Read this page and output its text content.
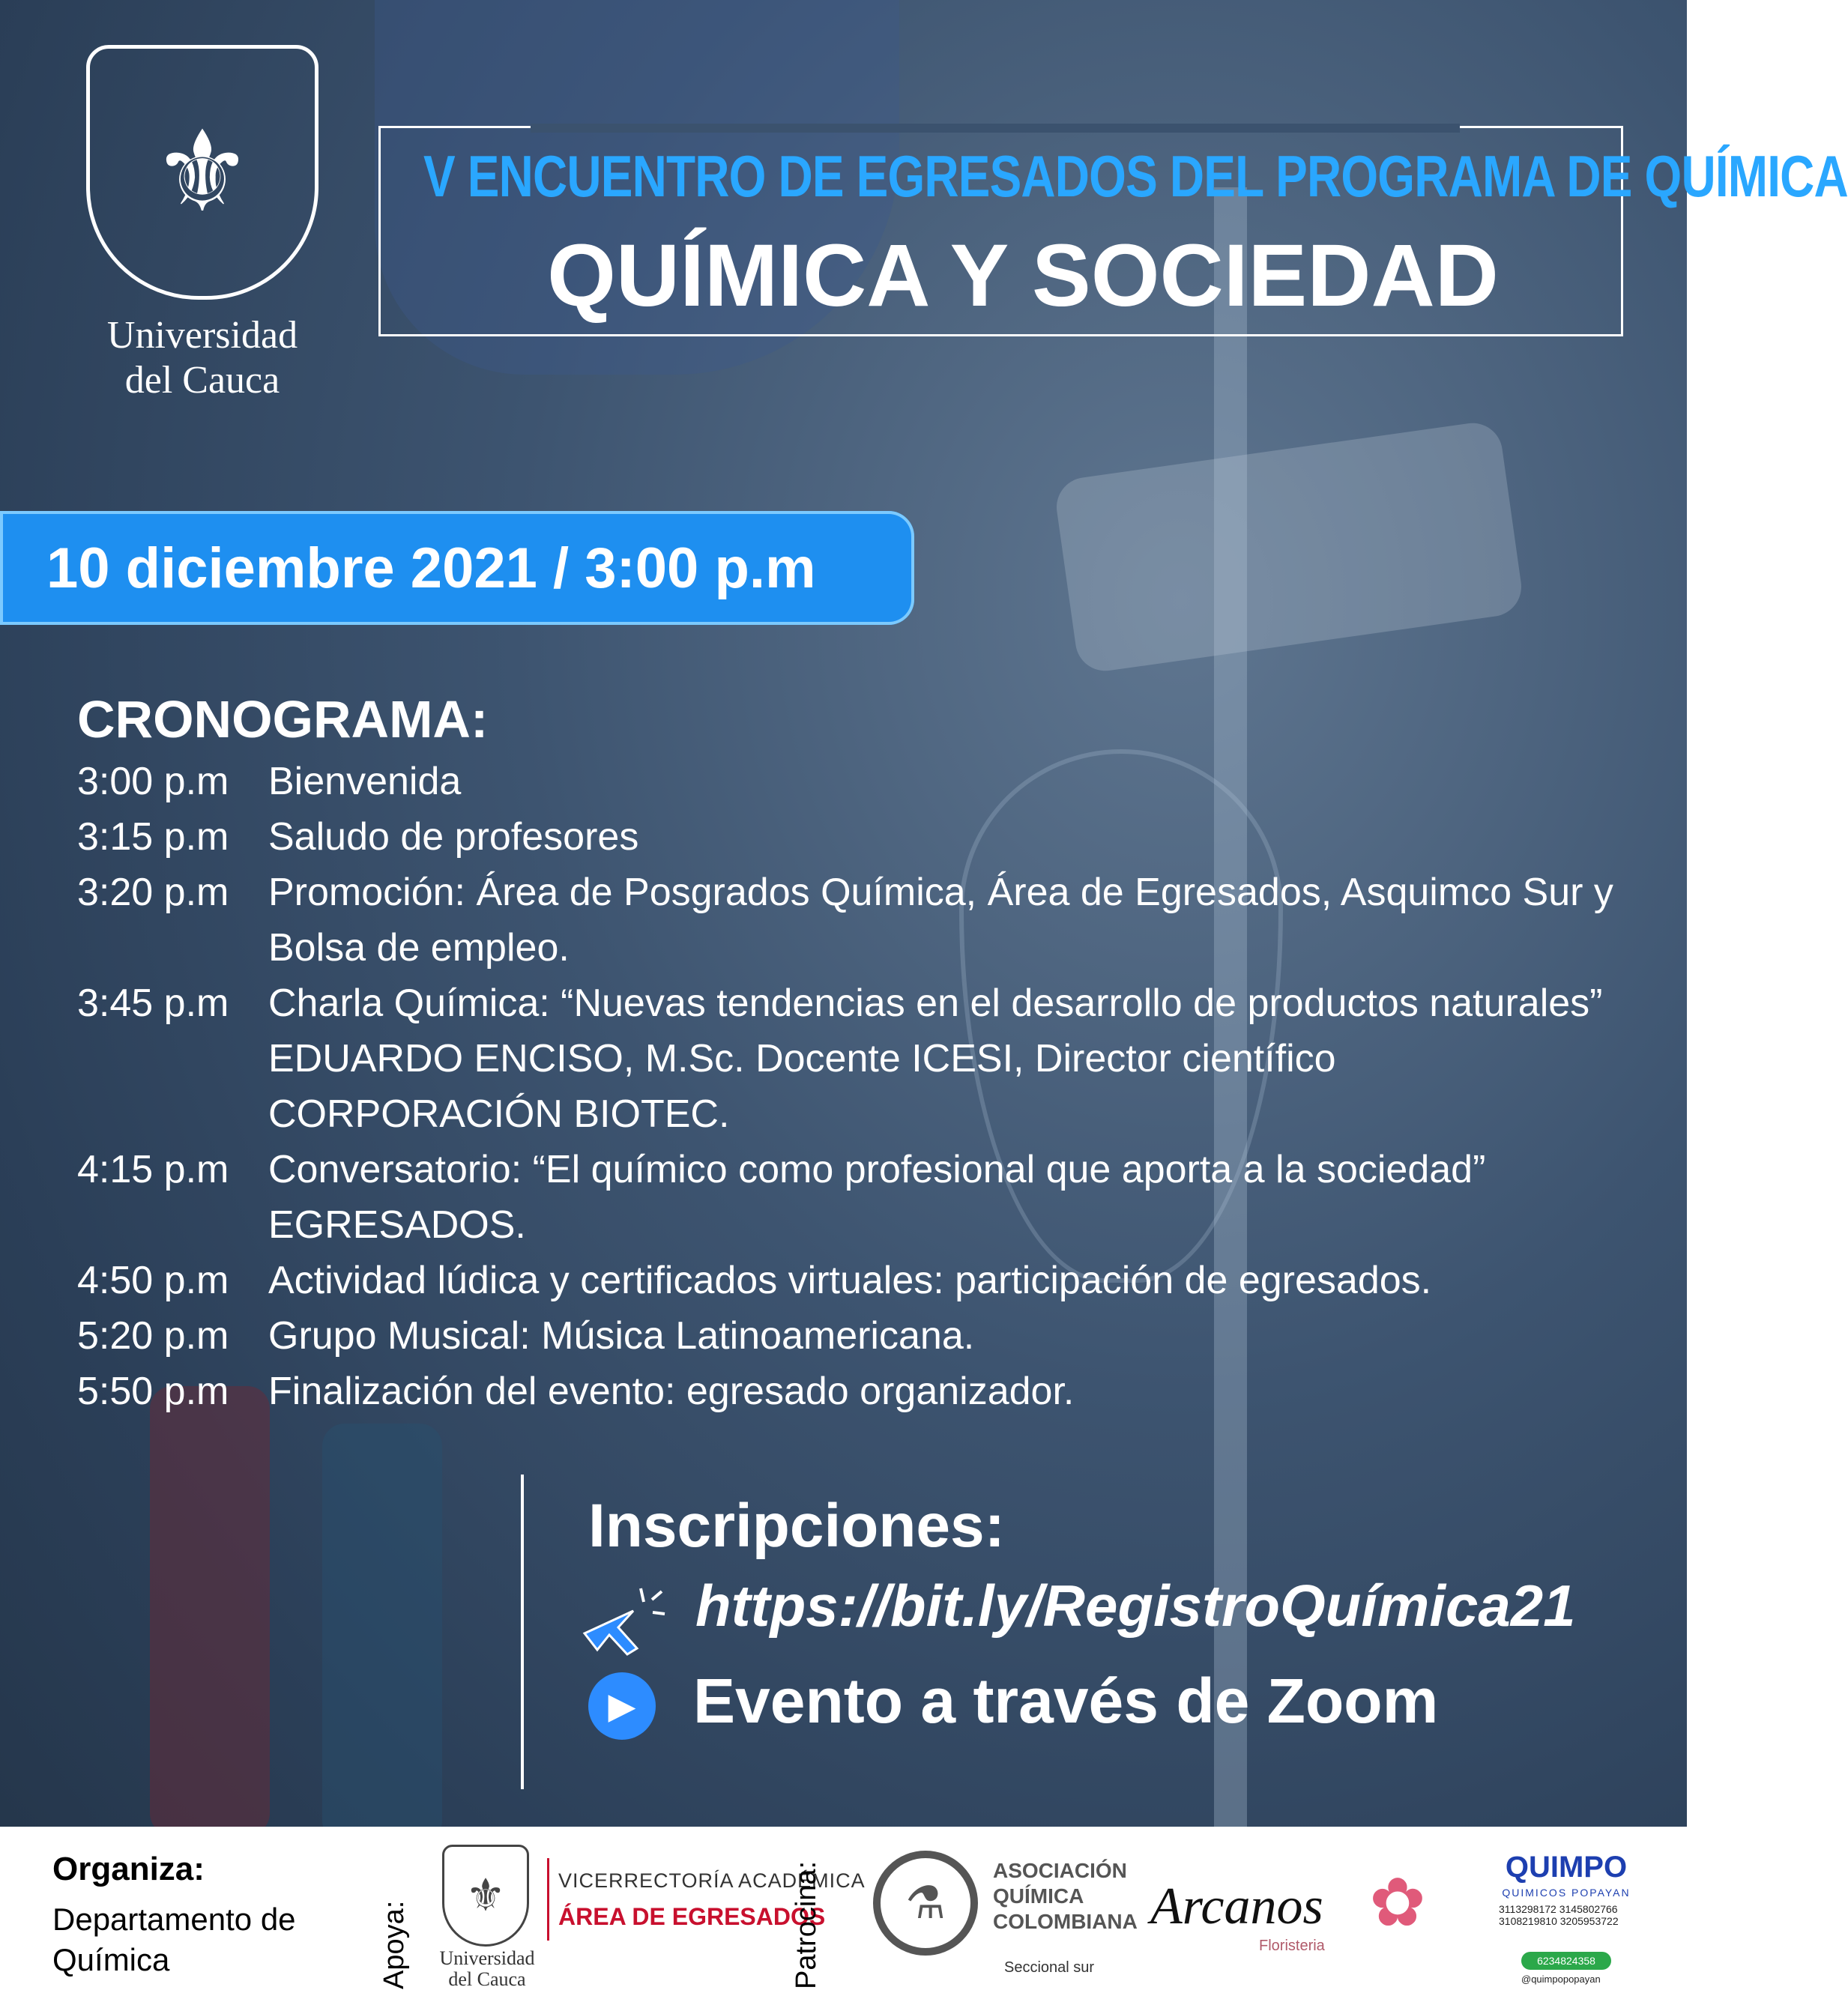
⚜
Universidad
del Cauca
V ENCUENTRO DE EGRESADOS DEL PROGRAMA DE QUÍMICA
QUÍMICA Y SOCIEDAD
10 diciembre 2021 / 3:00 p.m
CRONOGRAMA:
3:00 p.m	Bienvenida
3:15 p.m	Saludo de profesores
3:20 p.m	Promoción: Área de Posgrados Química, Área de Egresados, Asquimco Sur y Bolsa de empleo.
3:45 p.m	Charla Química: “Nuevas tendencias en el desarrollo de productos naturales” EDUARDO ENCISO, M.Sc. Docente ICESI, Director científico CORPORACIÓN BIOTEC.
4:15 p.m	Conversatorio: “El químico como profesional que aporta a la sociedad” EGRESADOS.
4:50 p.m	Actividad lúdica y certificados virtuales: participación de egresados.
5:20 p.m	Grupo Musical: Música Latinoamericana.
5:50 p.m	Finalización del evento: egresado organizador.
Inscripciones:
https://bit.ly/RegistroQuímica21
▶ Evento a través de Zoom
Organiza:
Departamento de Química	Apoya:
⚜
Universidad
del Cauca
VICERRECTORÍA ACADÉMICA
ÁREA DE EGRESADOS
Patrocina:	⚗
ASOCIACIÓN
QUÍMICA
COLOMBIANA
Seccional sur
Arcanos
Floristeria
✿	QUIMPO
QUIMICOS POPAYAN
3113298172 3145802766
3108219810 3205953722
6234824358
@quimpopopayan
